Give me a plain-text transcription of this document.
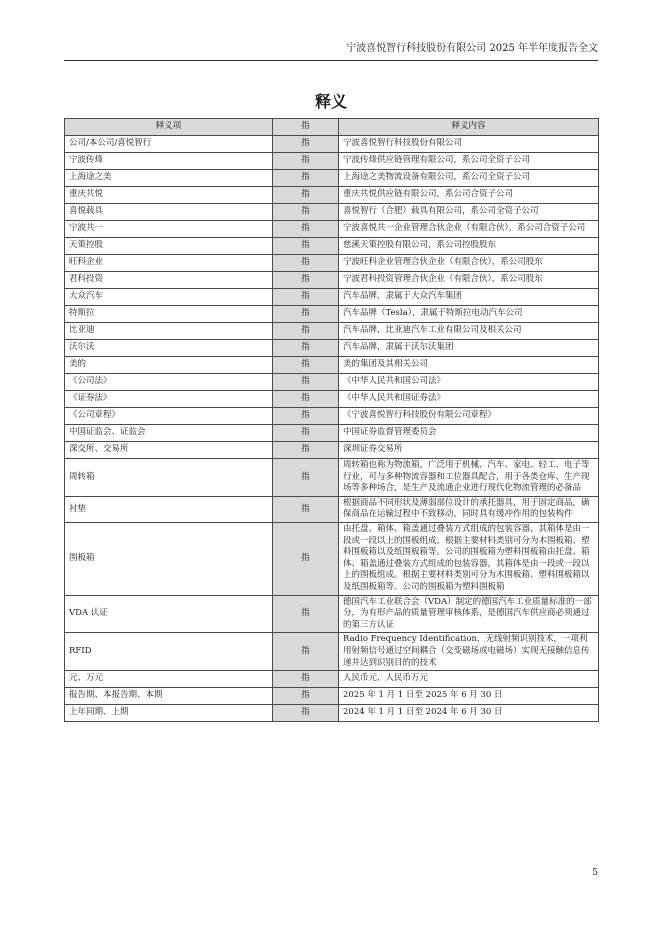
宁波喜悦智行科技股份有限公司 2025 年半年度报告全文
释义
释义项	指	释义内容
公司/本公司/喜悦智行	指	宁波喜悦智行科技股份有限公司
宁波传烽	指	宁波传烽供应链管理有限公司，系公司全资子公司
上海途之美	指	上海途之美物流设备有限公司，系公司全资子公司
重庆共悦	指	重庆共悦供应链有限公司，系公司合资子公司
喜悦载具	指	喜悦智行（合肥）载具有限公司，系公司全资子公司
宁波共一	指	宁波喜悦共一企业管理合伙企业（有限合伙），系公司合资子公司
天策控股	指	慈溪天策控股有限公司，系公司控股股东
旺科企业	指	宁波旺科企业管理合伙企业（有限合伙），系公司股东
君科投资	指	宁波君科投资管理合伙企业（有限合伙），系公司股东
大众汽车	指	汽车品牌，隶属于大众汽车集团
特斯拉	指	汽车品牌（Tesla），隶属于特斯拉电动汽车公司
比亚迪	指	汽车品牌，比亚迪汽车工业有限公司及相关公司
沃尔沃	指	汽车品牌，隶属于沃尔沃集团
美的	指	美的集团及其相关公司
《公司法》	指	《中华人民共和国公司法》
《证券法》	指	《中华人民共和国证券法》
《公司章程》	指	《宁波喜悦智行科技股份有限公司章程》
中国证监会、证监会	指	中国证券监督管理委员会
深交所、交易所	指	深圳证券交易所
周转箱	指	周转箱也称为物流箱，广泛用于机械、汽车、家电、轻工、电子等行业，可与多种物流容器和工位器具配合，用于各类仓库、生产现场等多种场合，是生产及流通企业进行现代化物流管理的必备品
衬垫	指	根据商品不同形状及薄弱部位设计的承托器具，用于固定商品，确保商品在运输过程中不致移动，同时具有缓冲作用的包装构件
围板箱	指	由托盘、箱体、箱盖通过叠装方式组成的包装容器，其箱体是由一段或一段以上的围板组成。根据主要材料类别可分为木围板箱、塑料围板箱以及纸围板箱等。公司的围板箱为塑料围板箱由托盘、箱体、箱盖通过叠装方式组成的包装容器，其箱体是由一段或一段以上的围板组成。根据主要材料类别可分为木围板箱、塑料围板箱以及纸围板箱等。公司的围板箱为塑料围板箱
VDA 认证	指	德国汽车工业联合会（VDA）制定的德国汽车工业质量标准的一部分，为有形产品的质量管理审核体系，是德国汽车供应商必须通过的第三方认证
RFID	指	Radio Frequency Identification，无线射频识别技术，一项利用射频信号通过空间耦合（交变磁场或电磁场）实现无接触信息传递并达到识别目的的技术
元、万元	指	人民币元、人民币万元
报告期、本报告期、本期	指	2025 年 1 月 1 日至 2025 年 6 月 30 日
上年同期、上期	指	2024 年 1 月 1 日至 2024 年 6 月 30 日
5
